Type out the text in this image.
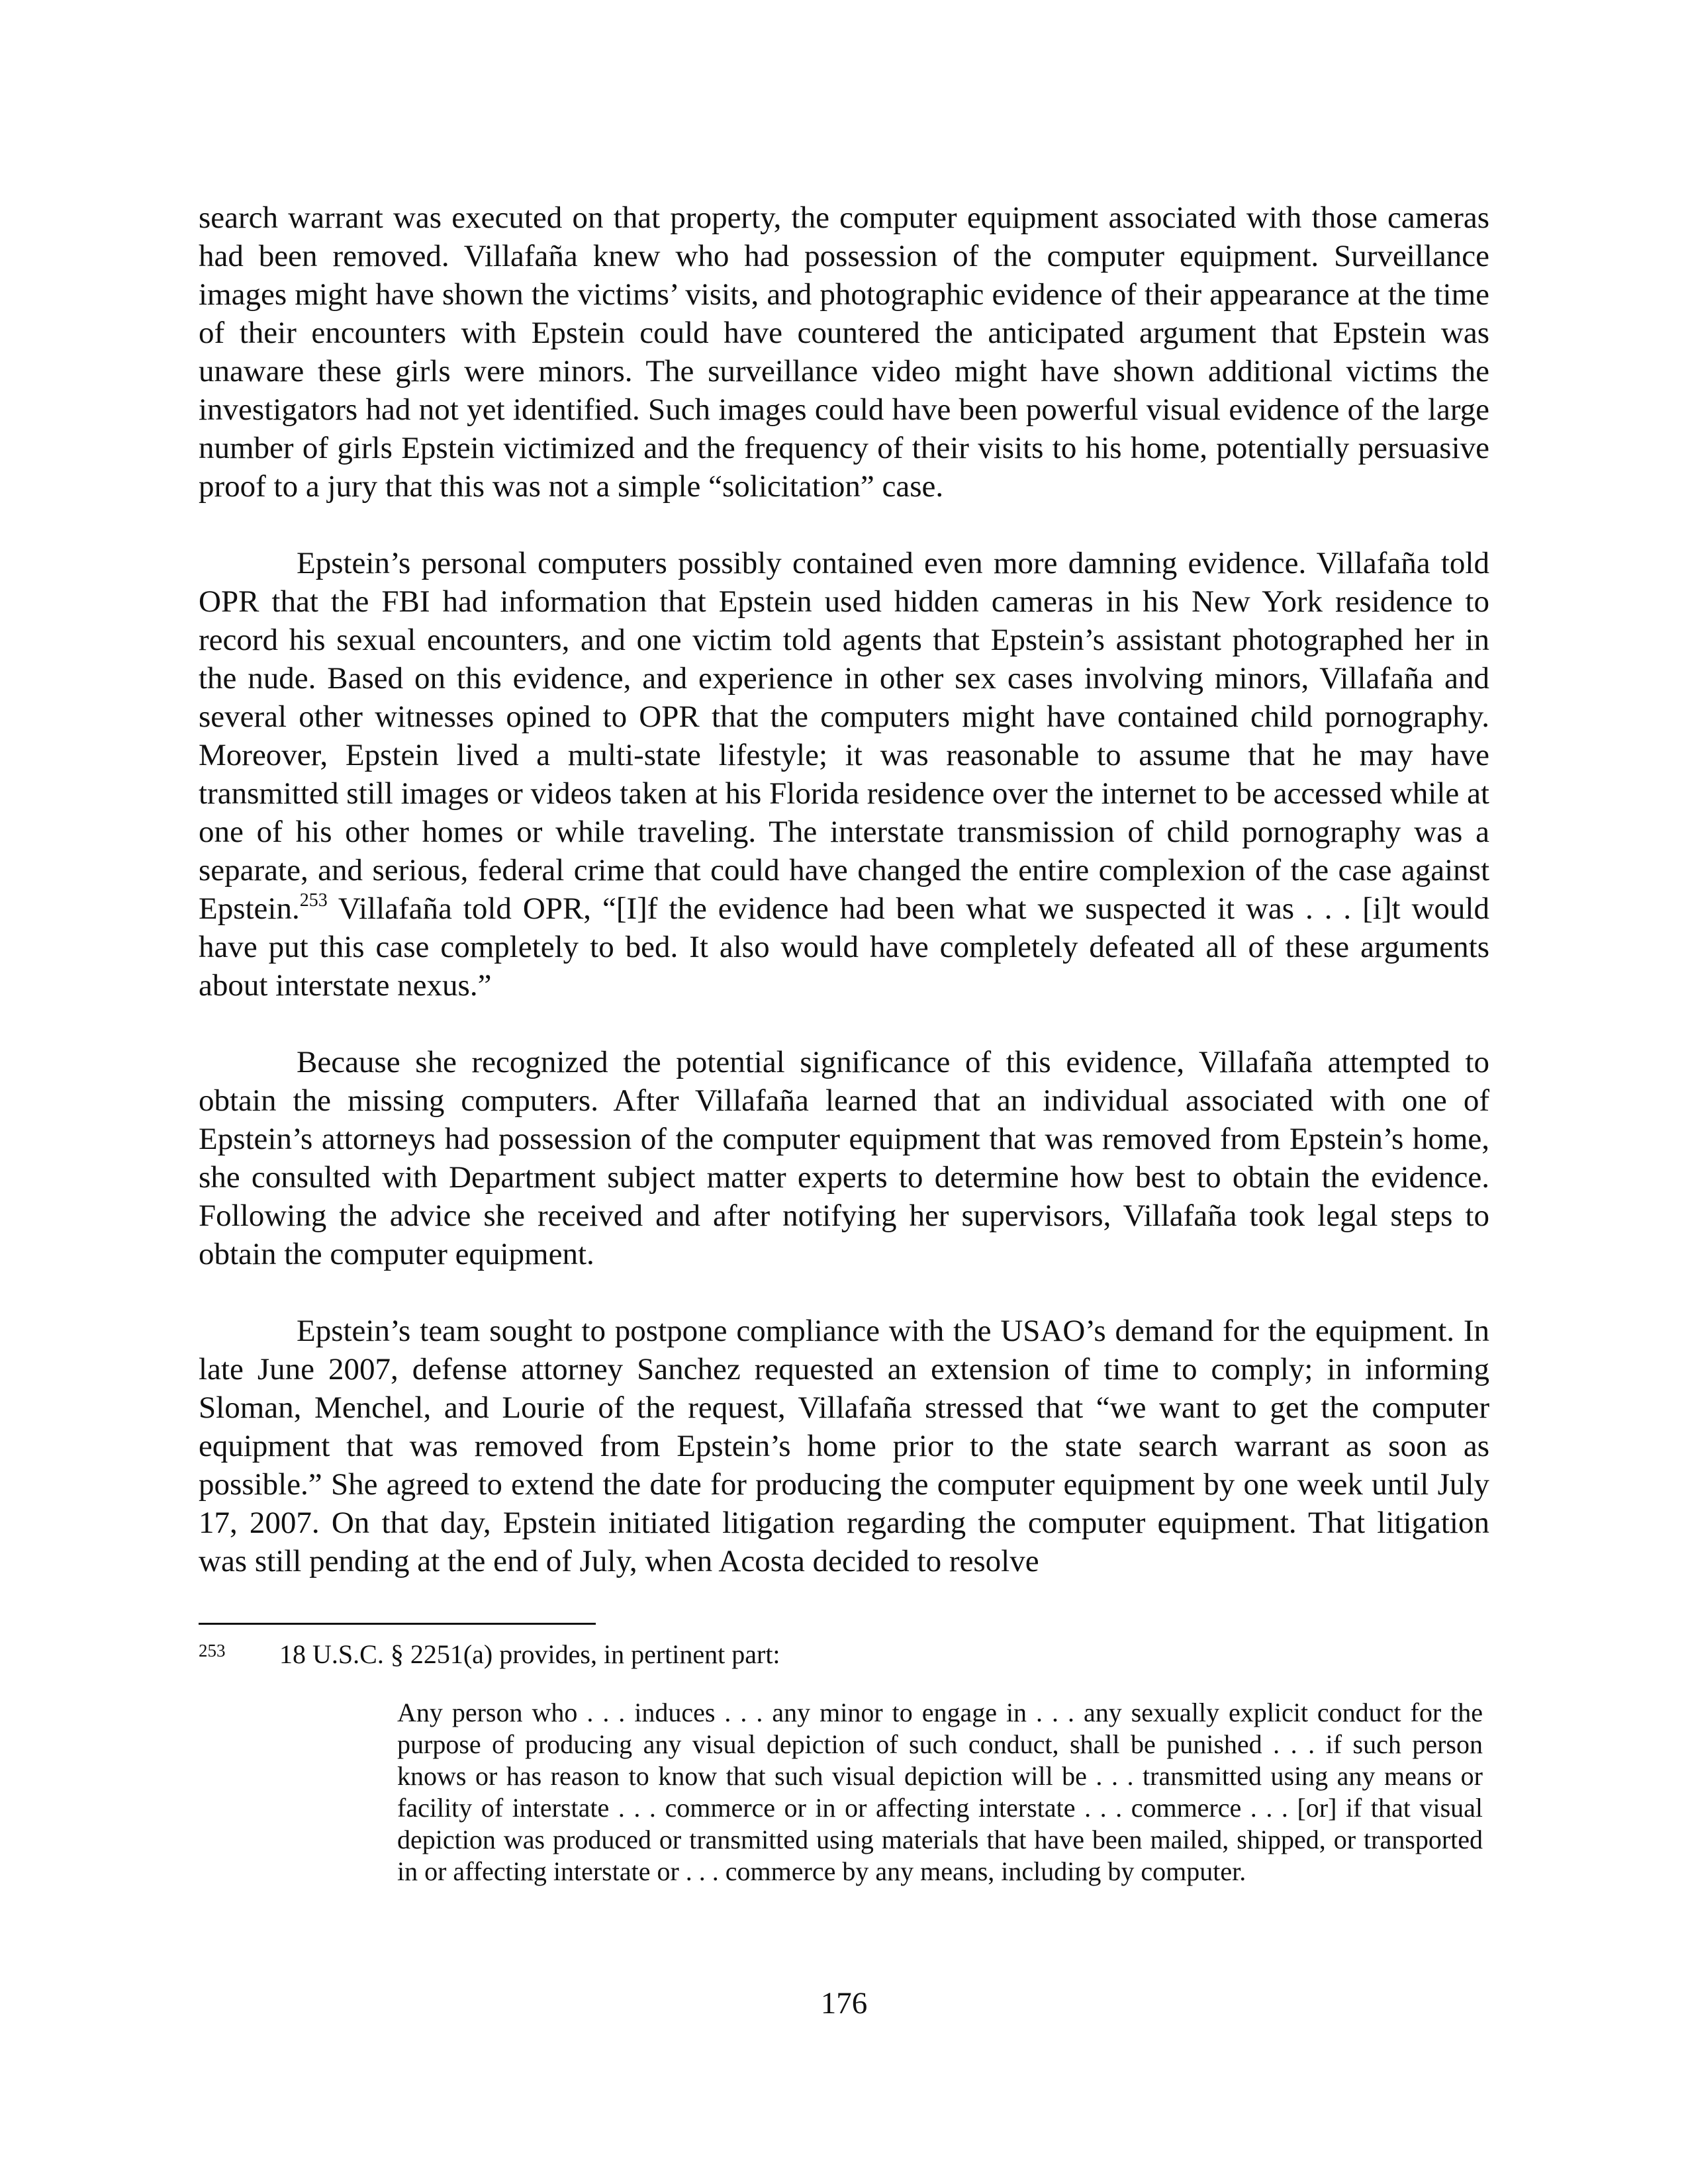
search warrant was executed on that property, the computer equipment associated with those cameras had been removed. Villafaña knew who had possession of the computer equipment. Surveillance images might have shown the victims’ visits, and photographic evidence of their appearance at the time of their encounters with Epstein could have countered the anticipated argument that Epstein was unaware these girls were minors. The surveillance video might have shown additional victims the investigators had not yet identified. Such images could have been powerful visual evidence of the large number of girls Epstein victimized and the frequency of their visits to his home, potentially persuasive proof to a jury that this was not a simple “solicitation” case.

Epstein’s personal computers possibly contained even more damning evidence. Villafaña told OPR that the FBI had information that Epstein used hidden cameras in his New York residence to record his sexual encounters, and one victim told agents that Epstein’s assistant photographed her in the nude. Based on this evidence, and experience in other sex cases involving minors, Villafaña and several other witnesses opined to OPR that the computers might have contained child pornography. Moreover, Epstein lived a multi-state lifestyle; it was reasonable to assume that he may have transmitted still images or videos taken at his Florida residence over the internet to be accessed while at one of his other homes or while traveling. The interstate transmission of child pornography was a separate, and serious, federal crime that could have changed the entire complexion of the case against Epstein.$^{253}$ Villafaña told OPR, “[I]f the evidence had been what we suspected it was . . . [i]t would have put this case completely to bed. It also would have completely defeated all of these arguments about interstate nexus.”

Because she recognized the potential significance of this evidence, Villafaña attempted to obtain the missing computers. After Villafaña learned that an individual associated with one of Epstein’s attorneys had possession of the computer equipment that was removed from Epstein’s home, she consulted with Department subject matter experts to determine how best to obtain the evidence. Following the advice she received and after notifying her supervisors, Villafaña took legal steps to obtain the computer equipment.

Epstein’s team sought to postpone compliance with the USAO’s demand for the equipment. In late June 2007, defense attorney Sanchez requested an extension of time to comply; in informing Sloman, Menchel, and Lourie of the request, Villafaña stressed that “we want to get the computer equipment that was removed from Epstein’s home prior to the state search warrant as soon as possible.” She agreed to extend the date for producing the computer equipment by one week until July 17, 2007. On that day, Epstein initiated litigation regarding the computer equipment. That litigation was still pending at the end of July, when Acosta decided to resolve

253	18 U.S.C. § 2251(a) provides, in pertinent part:

Any person who . . . induces . . . any minor to engage in . . . any sexually explicit conduct for the purpose of producing any visual depiction of such conduct, shall be punished . . . if such person knows or has reason to know that such visual depiction will be . . . transmitted using any means or facility of interstate . . . commerce or in or affecting interstate . . . commerce . . . [or] if that visual depiction was produced or transmitted using materials that have been mailed, shipped, or transported in or affecting interstate or . . . commerce by any means, including by computer.

176
